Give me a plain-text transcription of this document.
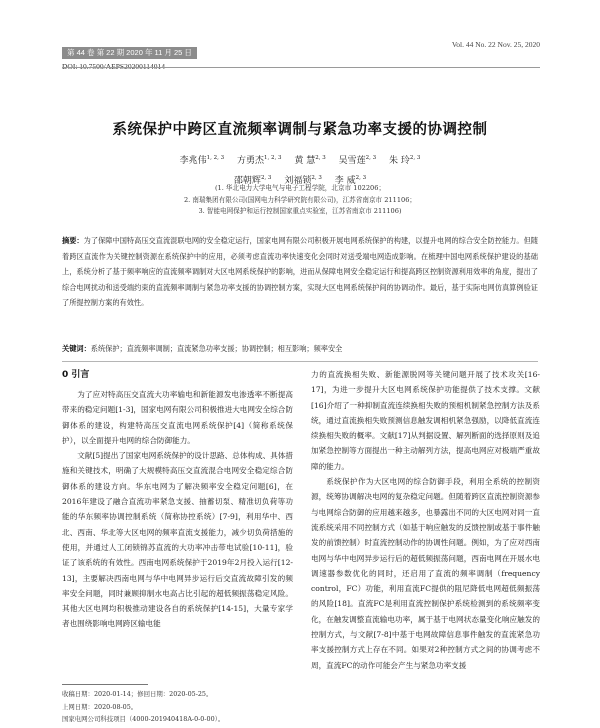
第 44 卷 第 22 期 2020 年 11 月 25 日
DOI: 10.7500/AEPS20200114014
Vol. 44 No. 22 Nov. 25, 2020
系统保护中跨区直流频率调制与紧急功率支援的协调控制
李兆伟$^{1, 2, 3}$ 方勇杰$^{1, 2, 3}$ 黄 慧$^{2, 3}$ 吴雪莲$^{2, 3}$ 朱 玲$^{2, 3}$
邵朝辉$^{2, 3}$ 刘福锁$^{2, 3}$ 李 威$^{2, 3}$
(1. 华北电力大学电气与电子工程学院，北京市 102206；
2. 南瑞集团有限公司(国网电力科学研究院有限公司)，江苏省南京市 211106；
3. 智能电网保护和运行控制国家重点实验室，江苏省南京市 211106)
摘要：为了保障中国特高压交直流混联电网的安全稳定运行，国家电网有限公司积极开展电网系统保护的构建，以提升电网的综合安全防控能力。但随着跨区直流作为关键控制资源在系统保护中的应用，必须考虑直流功率快速变化会同时对送受端电网造成影响。在梳理中国电网系统保护建设的基础上，系统分析了基于频率响应的直流频率调制对大区电网系统保护的影响，进而从保障电网安全稳定运行和提高跨区控制资源利用效率的角度，提出了综合电网扰动和送受端约束的直流频率调制与紧急功率支援的协调控制方案，实现大区电网系统保护间的协调动作。最后，基于实际电网仿真算例验证了所提控制方案的有效性。
关键词：系统保护；直流频率调制；直流紧急功率支援；协调控制；相互影响；频率安全
0 引言

为了应对特高压交直流大功率输电和新能源发电渗透率不断提高带来的稳定问题[1-3]，国家电网有限公司积极推进大电网安全综合防御体系的建设，构建特高压交直流电网系统保护[4]（简称系统保护），以全面提升电网的综合防御能力。

文献[5]提出了国家电网系统保护的设计思路、总体构成、具体措施和关键技术，明确了大规模特高压交直流混合电网安全稳定综合防御体系的建设方向。华东电网为了解决频率安全稳定问题[6]，在2016年建设了融合直流功率紧急支援、抽蓄切泵、精准切负荷等功能的华东频率协调控制系统（简称协控系统）[7-9]，利用华中、西北、西南、华北等大区电网的频率直流支援能力，减少切负荷措施的使用，并通过人工闭锁锦苏直流的大功率冲击带电试验[10-11]，验证了该系统的有效性。西南电网系统保护于2019年2月投入运行[12-13]，主要解决西南电网与华中电网异步运行后交直流故障引发的频率安全问题，同时兼顾抑制水电高占比引起的超低频振荡稳定风险。其他大区电网均积极推动建设各自的系统保护[14-15]，大量专家学者也围绕影响电网跨区输电能

力的直流换相失败、新能源脱网等关键问题开展了技术攻关[16-17]，为进一步提升大区电网系统保护功能提供了技术支撑。文献[16]介绍了一种抑制直流连续换相失败的预相机制紧急控制方法及系统，通过直流换相失败预测信息触发调相机紧急强励，以降低直流连续换相失败的概率。文献[17]从判据设置、解列断面的选择原则及追加紧急控制等方面提出一种主动解列方法，提高电网应对极端严重故障的能力。

系统保护作为大区电网的综合防御手段，利用全系统的控制资源，统筹协调解决电网的复杂稳定问题。但随着跨区直流控制资源参与电网综合防御的应用越来越多，也暴露出不同的大区电网对同一直流系统采用不同控制方式（如基于响应触发的反馈控制或基于事件触发的前馈控制）时直流控制动作的协调性问题。例如，为了应对西南电网与华中电网异步运行后的超低频振荡问题，西南电网在开展水电调速器参数优化的同时，还启用了直流的频率调制（frequency control，FC）功能，利用直流FC提供的阻尼降低电网超低频振荡的风险[18]。直流FC是利用直流控制保护系统检测到的系统频率变化，在触发调整直流输电功率，属于基于电网状态量变化响应触发的控制方式，与文献[7-8]中基于电网故障信息事件触发的直流紧急功率支援控制方式上存在不同。如果对2种控制方式之间的协调考虑不周，直流FC的动作可能会产生与紧急功率支援

收稿日期：2020-01-14；修回日期：2020-05-25。
上网日期：2020-08-05。
国家电网公司科技项目（4000-201940418A-0-0-00）。
